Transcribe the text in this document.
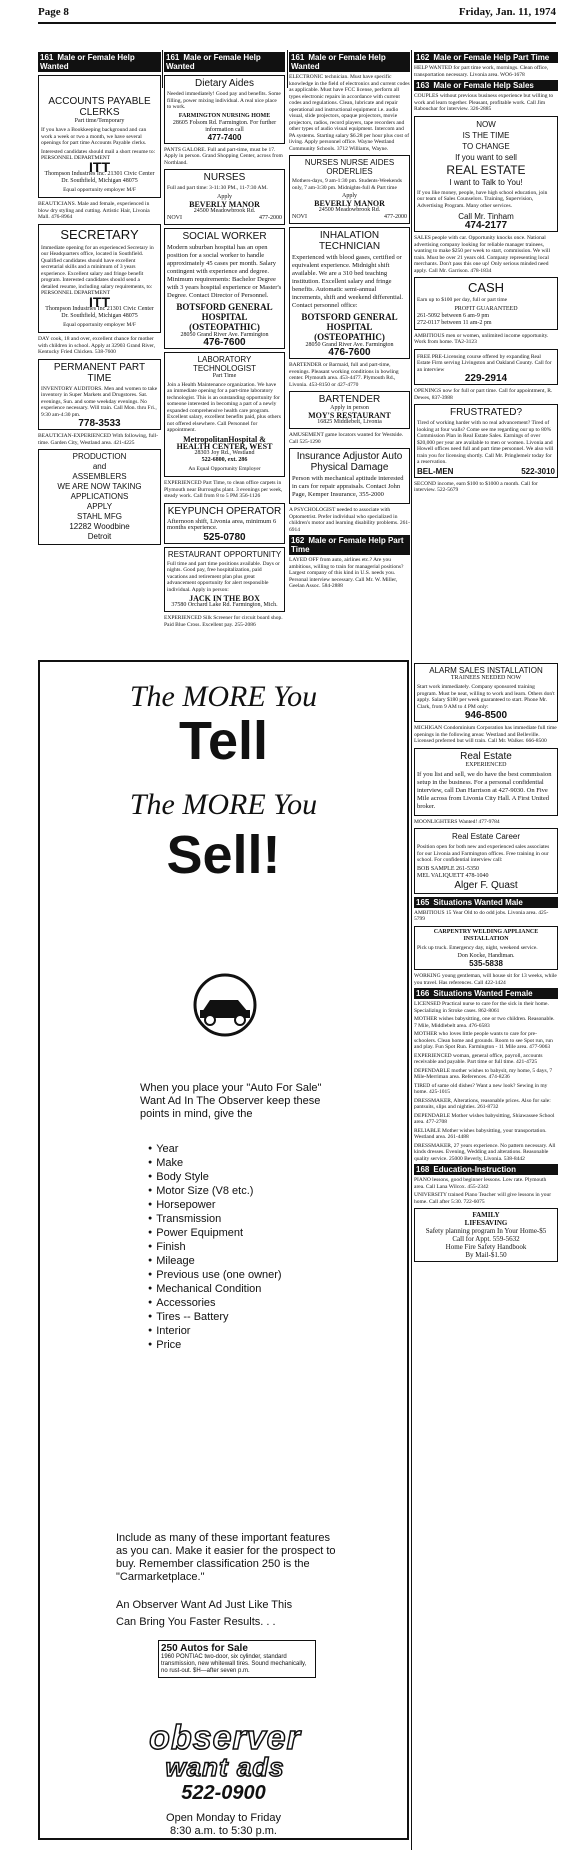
Page 8	Friday, Jan. 11, 1974
161 Male or Female Help Wanted
ACCOUNTS PAYABLE CLERKS
Part time/Temporary

If you have a Bookkeeping background and can work a week or two a month, we have several openings for part time Accounts Payable clerks.

Interested candidates should mail a short resume to: PERSONNEL DEPARTMENT

ITT
Thompson Industries Inc. 21301 Civic Center Dr. Southfield, Michigan 48075
Equal opportunity employer M/F

BEAUTICIANS. Male and female, experienced in blow dry styling and cutting. Artistic Hair, Livonia Mall. 476-8964

SECRETARY

Immediate opening for an experienced Secretary in our Headquarters office, located in Southfield. Qualified candidates should have excellent secretarial skills and a minimum of 3 years experience. Excellent salary and fringe benefit program. Interested candidates should send a detailed resume, including salary requirements, to: PERSONNEL DEPARTMENT

ITT
Thompson Industries Inc 21301 Civic Center Dr. Southfield, Michigan 48075
Equal opportunity employer M/F

DAY cook, 18 and over, excellent chance for mother with children in school. Apply at 32903 Grand River, Kentucky Fried Chicken. 538-7600

PERMANENT PART TIME

INVENTORY AUDITORS. Men and women to take inventory in Super Markets and Drugstores. Sat. evenings, Sun. and some weekday evenings. No experience necessary. Will train. Call Mon. thru Fri., 9:30 am-4:30 pm.

778-3533

BEAUTICIAN-EXPERIENCED With following, full-time. Garden City, Westland area. 421-4225

PRODUCTION
and
ASSEMBLERS
WE ARE NOW TAKING APPLICATIONS
APPLY
STAHL MFG
12282 Woodbine
Detroit
161 Male or Female Help Wanted
Dietary Aides

Needed immediately! Good pay and benefits. Some filling, power mixing individual. A real nice place to work.

FARMINGTON NURSING HOME
28605 Folsom Rd. Farmington. For further information call
477-7400

PANTS GALORE. Full and part-time, must be 17. Apply in person. Grand Shopping Center, across from Northland.

NURSES

Full and part time: 3-11:30 PM., 11-7:30 AM.

Apply
BEVERLY MANOR
24500 Meadowbrook Rd.
NOVI	477-2000
SOCIAL WORKER

Modern suburban hospital has an open position for a social worker to handle approximately 45 cases per month. Salary contingent with experience and degree. Minimum requirements: Bachelor Degree with 3 years hospital experience or Master's Degree. Contact Director of Personnel.

BOTSFORD GENERAL HOSPITAL (OSTEOPATHIC)
28050 Grand River Ave. Farmington
476-7600
LABORATORY TECHNOLOGIST
Part Time

Join a Health Maintenance organization. We have an immediate opening for a part-time laboratory technologist. This is an outstanding opportunity for someone interested in becoming a part of a newly expanded comprehensive health care program. Excellent salary, excellent benefits paid, plus others not offered elsewhere. Call Personnel for appointment.

MetropolitanHospital & HEALTH CENTER, WEST
28303 Joy Rd., Westland
522-6800, ext. 286
An Equal Opportunity Employer

EXPERIENCED Part Time, to clean office carpets in Plymouth near Burroughs plant. 3 evenings per week, steady work. Call from 8 to 5 PM 356-1126

KEYPUNCH OPERATOR

Afternoon shift, Livonia area, minimum 6 months experience.

525-0780
RESTAURANT OPPORTUNITY

Full time and part time positions available. Days or nights. Good pay, free hospitalization, paid vacations and retirement plan plus great advancement opportunity for alert responsible individual. Apply in person:

JACK IN THE BOX
37580 Orchard Lake Rd. Farmington, Mich.

EXPERIENCED Silk Screener for circuit board shop. Paid Blue Cross. Excellent pay. 255-2086

161 Male or Female Help Wanted

ELECTRONIC technician. Must have specific knowledge in the field of electronics and current codes as applicable. Must have FCC license, perform all types electronic repairs in accordance with current codes and regulations. Clean, lubricate and repair operational and instructional equipment i.e. audio visual, slide projectors, opaque projectors, movie projectors, radios, record players, tape recorders and other types of audio visual equipment. Intercom and PA systems. Starting salary $6.28 per hour plus cost of living. Apply personnel office. Wayne Westland Community Schools. 3712 Williams, Wayne.

NURSES NURSE AIDES ORDERLIES

Mothers-days, 9 am-1:30 pm. Students-Weekends only, 7 am-3:30 pm. Midnights-full & Part time

Apply
BEVERLY MANOR
24500 Meadowbrook Rd.
NOVI	477-2000
INHALATION TECHNICIAN

Experienced with blood gases, certified or equivalent experience. Midnight shift available. We are a 310 bed teaching institution. Excellent salary and fringe benefits. Automatic semi-annual increments, shift and weekend differential. Contact personnel office:

BOTSFORD GENERAL HOSPITAL (OSTEOPATHIC)
28050 Grand River Ave. Farmington
476-7600

BARTENDER or Barmaid, full and part-time, evenings. Pleasant working conditions in bowling center. Plymouth area. 453-4477. Plymouth Rd., Livonia. 453-8150 or 427-4770

BARTENDER
Apply in person
MOY'S RESTAURANT
16825 Middlebelt, Livonia

AMUSEMENT game locators wanted for Westside. Call 525-1290

Insurance Adjustor Auto Physical Damage

Person with mechanical aptitude interested in cars for repair appraisals. Contact John Page, Kemper Insurance, 355-2000

A PSYCHOLOGIST needed to associate with Optometrist. Prefer individual who specialized in children's motor and learning disability problems. 261-6914

162 Male or Female Help Part Time

LAYED OFF from auto, airlines etc.? Are you ambitious, willing to train for managerial positions? Largest company of this kind in U.S. needs you. Personal interview necessary. Call Mr. W. Miller, Geelan Assoc. 584-2888

162 Male or Female Help Part Time

HELP WANTED for part time work, mornings. Clean office, transportation necessary. Livonia area. WO6-1678

163 Male or Female Help Sales

COUPLES without previous business experience but willing to work and learn together. Pleasant, profitable work. Call Jim Rabouchar for interview. 326-2885

NOW
IS THE TIME
TO CHANGE
If you want to sell
REAL ESTATE
I want to Talk to You!

If you like money, people, have high school education, join our team of Sales Counselors. Training, Supervision, Advertising Program. Many other services.

Call Mr. Tinham
474-2177

SALES people with car. Opportunity knocks once. National advertising company looking for reliable manager trainees, wanting to make $250 per week to start, commission. We will train. Must be over 21 years old. Company representing local merchants. Don't pass this one up! Only serious minded need apply. Call Mr. Garrison. 478-1834

CASH

Earn up to $100 per day, full or part time

PROFIT GUARANTEED
261-5092 between 6 am-9 pm
272-0117 between 11 am-2 pm

AMBITIOUS men or women, unlimited income opportunity. Work from home. TA2-3123

FREE PRE-Licensing course offered by expanding Real Estate Firm serving Livingston and Oakland County. Call for an interview

229-2914

OPENINGS now for full or part time. Call for appointment, R. Dewes, 837-3988

FRUSTRATED?

Tired of working harder with no real advancement? Tired of looking at four walls? Come see me regarding our up to 80% Commission Plan in Real Estate Sales. Earnings of over $20,000 per year are available to men or women. Livonia and Howell offices need full and part time personnel. We also will train you for licensing shortly. Call Mr. Pringlemeir today for a reservation.

BEL-MEN	522-3010

SECOND income, earn $100 to $1000 a month. Call for interview. 522-5679

ALARM SALES INSTALLATION
TRAINEES NEEDED NOW

Start work immediately. Company sponsored training program. Must be neat, willing to work and learn. Others don't apply. Salary $180 per week guaranteed to start. Phone Mr. Clark, from 9 AM to 4 PM only:

946-8500

MICHIGAN Condominium Corporation has immediate full time openings in the following areas: Westland and Belleville. Licensed preferred but will train. Call Mr. Walker. 666-8500

Real Estate
EXPERIENCED

If you list and sell, we do have the best commission setup in the business. For a personal confidential interview, call Dan Harrison at 427-9030. On Five Mile across from Livonia City Hall. A First United broker.

MOONLIGHTERS Wanted! 477-9784

Real Estate Career

Position open for both new and experienced sales associates for our Livonia and Farmington offices. Free training in our school. For confidential interview call:

BOB SAMPLE 261-5350
MEL VALIQUETT 478-1040
Alger F. Quast
165 Situations Wanted Male

AMBITIOUS 15 Year Old to do odd jobs. Livonia area. 425-5799

CARPENTRY WELDING APPLIANCE INSTALLATION

Pick up truck. Emergency day, night, weekend service.

Don Kocke, Handiman.
535-5838

WORKING young gentleman, will house sit for 13 weeks, while you travel. Has references. Call 422-1424

166 Situations Wanted Female

LICENSED Practical nurse to care for the sick in their home. Specializing in Stroke cases. 862-8061

MOTHER wishes babysitting, one or two children. Reasonable. 7 Mile, Middlebelt area. 476-6583

MOTHER who loves little people wants to care for pre-schoolers. Clean home and grounds. Room to see Spot run, run and play. Fun Spot Run. Farmington - 11 Mile area. 477-9063

EXPERIENCED woman, general office, payroll, accounts receivable and payable. Part time or full time. 421-4725

DEPENDABLE mother wishes to babysit, my home, 5 days, 7 Mile-Merriman area. References. 474-8236

TIRED of same old dishes? Want a new look? Sewing in my home. 425-1015

DRESSMAKER, Alterations, reasonable prices. Also for sale: pantsuits, slips and nighties. 261-8732

DEPENDABLE Mother wishes babysitting, Shiawassee School area. 477-2708

RELIABLE Mother wishes babysitting, your transportation. Westland area. 261-4488

DRESSMAKER, 27 years experience. No pattern necessary. All kinds dresses. Evening, Wedding and alterations. Reasonable quality service. 25000 Beverly, Livonia. 538-8442

168 Education-Instruction

PIANO lessons, good beginner lessons. Low rate. Plymouth area. Call Lana Wilcox. 455-2342

UNIVERSITY trained Piano Teacher will give lessons in your home. Call after 5:30. 722-6075

FAMILY
LIFESAVING
Safety planning program In Your Home-$5
Call for Appt. 559-5632
Home Fire Safety Handbook
By Mail-$1.50
The MORE You
Tell
The MORE You
Sell!
When you place your "Auto For Sale" Want Ad In The Observer keep these points in mind, give the
● Year
● Make
● Body Style
● Motor Size (V8 etc.)
● Horsepower
● Transmission
● Power Equipment
● Finish
● Mileage
● Previous use (one owner)
● Mechanical Condition
● Accessories
● Tires -- Battery
● Interior
● Price
Include as many of these important features as you can. Make it easier for the prospect to buy. Remember classification 250 is the "Carmarketplace."
An Observer Want Ad Just Like This
Can Bring You Faster Results. . .
250 Autos for Sale
1960 PONTIAC two-door, six cylinder, standard transmission, new whitewall tires. Sound mechanically, no rust-out. $H—after seven p.m.
observer
want ads
522-0900
Open Monday to Friday
8:30 a.m. to 5:30 p.m.
